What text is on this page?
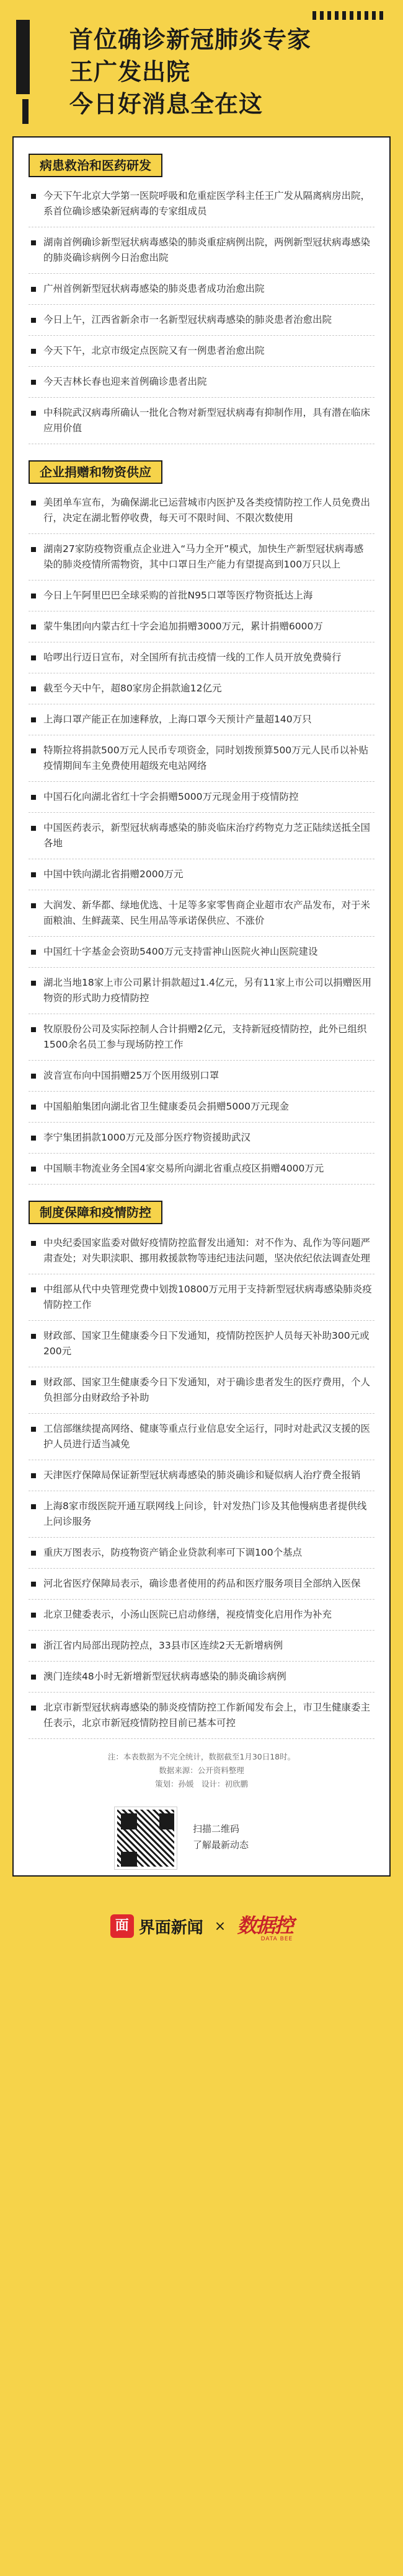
首位确诊新冠肺炎专家
王广发出院
今日好消息全在这
病患救治和医药研发
今天下午北京大学第一医院呼吸和危重症医学科主任王广发从隔离病房出院，系首位确诊感染新冠病毒的专家组成员
湖南首例确诊新型冠状病毒感染的肺炎重症病例出院，两例新型冠状病毒感染的肺炎确诊病例今日治愈出院
广州首例新型冠状病毒感染的肺炎患者成功治愈出院
今日上午，江西省新余市一名新型冠状病毒感染的肺炎患者治愈出院
今天下午，北京市级定点医院又有一例患者治愈出院
今天吉林长春也迎来首例确诊患者出院
中科院武汉病毒所确认一批化合物对新型冠状病毒有抑制作用，具有潜在临床应用价值
企业捐赠和物资供应
美团单车宣布，为确保湖北已运营城市内医护及各类疫情防控工作人员免费出行，决定在湖北暂停收费，每天可不限时间、不限次数使用
湖南27家防疫物资重点企业进入“马力全开”模式，加快生产新型冠状病毒感染的肺炎疫情所需物资，其中口罩日生产能力有望提高到100万只以上
今日上午阿里巴巴全球采购的首批N95口罩等医疗物资抵达上海
蒙牛集团向内蒙古红十字会追加捐赠3000万元，累计捐赠6000万
哈啰出行迈日宣布，对全国所有抗击疫情一线的工作人员开放免费骑行
截至今天中午，超80家房企捐款逾12亿元
上海口罩产能正在加速释放，上海口罩今天预计产量超140万只
特斯拉将捐款500万元人民币专项资金，同时划拨预算500万元人民币以补贴疫情期间车主免费使用超级充电站网络
中国石化向湖北省红十字会捐赠5000万元现金用于疫情防控
中国医药表示，新型冠状病毒感染的肺炎临床治疗药物克力芝正陆续送抵全国各地
中国中铁向湖北省捐赠2000万元
大润发、新华都、绿地优选、十足等多家零售商企业超市农产品发布，对于米面粮油、生鲜蔬菜、民生用品等承诺保供应、不涨价
中国红十字基金会资助5400万元支持雷神山医院火神山医院建设
湖北当地18家上市公司累计捐款超过1.4亿元，另有11家上市公司以捐赠医用物资的形式助力疫情防控
牧原股份公司及实际控制人合计捐赠2亿元，支持新冠疫情防控，此外已组织1500余名员工参与现场防控工作
波音宣布向中国捐赠25万个医用级别口罩
中国船舶集团向湖北省卫生健康委员会捐赠5000万元现金
李宁集团捐款1000万元及部分医疗物资援助武汉
中国顺丰物流业务全国4家交易所向湖北省重点疫区捐赠4000万元
制度保障和疫情防控
中央纪委国家监委对做好疫情防控监督发出通知：对不作为、乱作为等问题严肃查处；对失职渎职、挪用救援款物等违纪违法问题，坚决依纪依法调查处理
中组部从代中央管理党费中划拨10800万元用于支持新型冠状病毒感染肺炎疫情防控工作
财政部、国家卫生健康委今日下发通知，疫情防控医护人员每天补助300元或200元
财政部、国家卫生健康委今日下发通知，对于确诊患者发生的医疗费用，个人负担部分由财政给予补助
工信部继续提高网络、健康等重点行业信息安全运行，同时对赴武汉支援的医护人员进行适当减免
天津医疗保障局保证新型冠状病毒感染的肺炎确诊和疑似病人治疗费全报销
上海8家市级医院开通互联网线上问诊，针对发热门诊及其他慢病患者提供线上问诊服务
重庆万图表示，防疫物资产销企业贷款利率可下调100个基点
河北省医疗保障局表示，确诊患者使用的药品和医疗服务项目全部纳入医保
北京卫健委表示，小汤山医院已启动修缮，视疫情变化启用作为补充
浙江省内局部出现防控点，33县市区连续2天无新增病例
澳门连续48小时无新增新型冠状病毒感染的肺炎确诊病例
北京市新型冠状病毒感染的肺炎疫情防控工作新闻发布会上，市卫生健康委主任表示，北京市新冠疫情防控目前已基本可控
注：本表数据为不完全统计，数据截至1月30日18时。
数据来源：公开资料整理
策划：孙媛　设计：初欣鹏
扫描二维码
了解最新动态
面 界面新闻 × 数据控
DATA BEE
